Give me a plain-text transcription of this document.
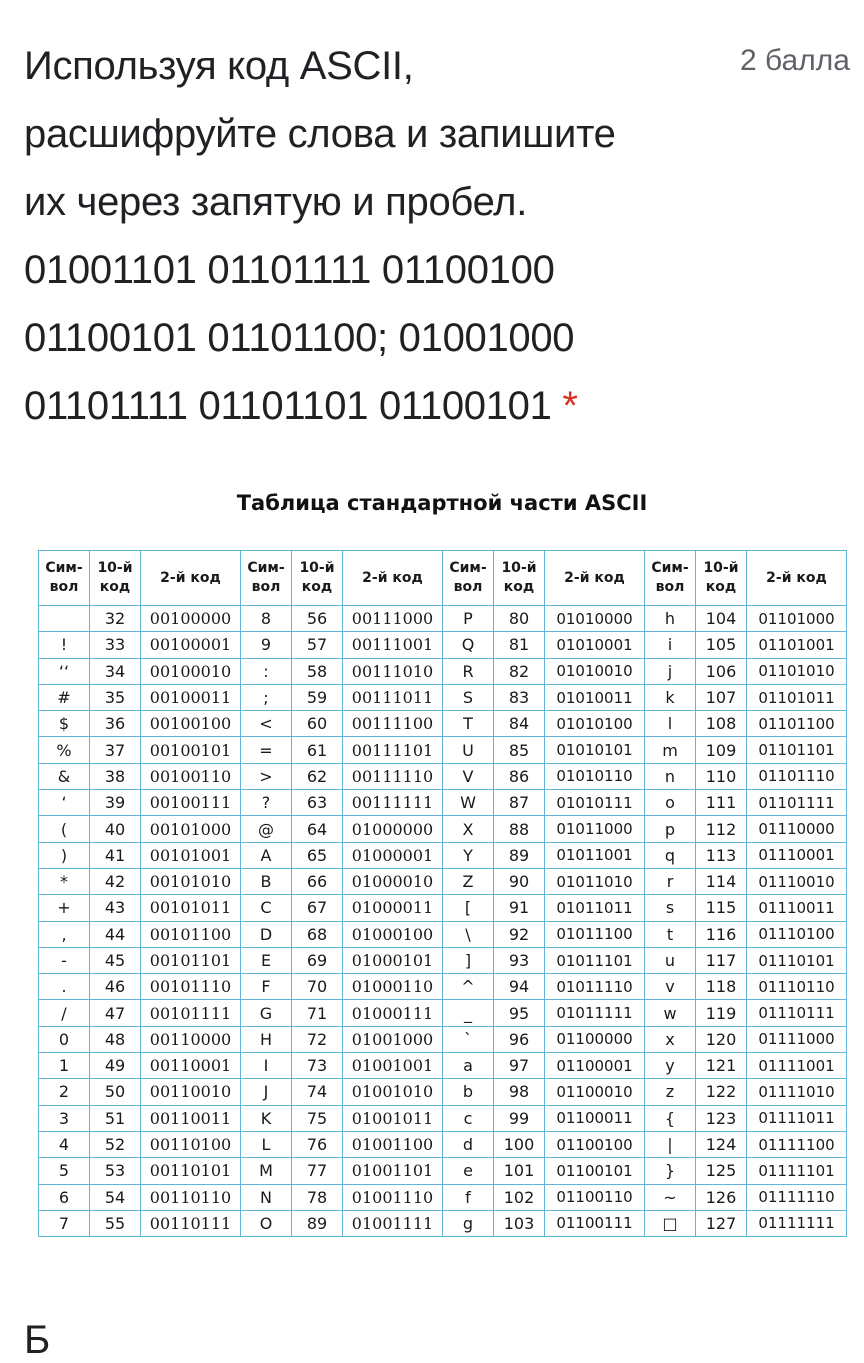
Используя код ASCII,
расшифруйте слова и запишите
их через запятую и пробел.
01001101 01101111 01100100
01100101 01101100; 01001000
01101111 01101101 01100101 *
2 балла
Таблица стандартной части ASCII
Сим-
вол	10-й
код	2-й код	Сим-
вол	10-й
код	2-й код	Сим-
вол	10-й
код	2-й код	Сим-
вол	10-й
код	2-й код
	32	00100000	8	56	00111000	P	80	01010000	h	104	01101000
!	33	00100001	9	57	00111001	Q	81	01010001	i	105	01101001
‘‘	34	00100010	:	58	00111010	R	82	01010010	j	106	01101010
#	35	00100011	;	59	00111011	S	83	01010011	k	107	01101011
$	36	00100100	<	60	00111100	T	84	01010100	l	108	01101100
%	37	00100101	=	61	00111101	U	85	01010101	m	109	01101101
&	38	00100110	>	62	00111110	V	86	01010110	n	110	01101110
‘	39	00100111	?	63	00111111	W	87	01010111	o	111	01101111
(	40	00101000	@	64	01000000	X	88	01011000	p	112	01110000
)	41	00101001	A	65	01000001	Y	89	01011001	q	113	01110001
*	42	00101010	B	66	01000010	Z	90	01011010	r	114	01110010
+	43	00101011	C	67	01000011	[	91	01011011	s	115	01110011
,	44	00101100	D	68	01000100	\	92	01011100	t	116	01110100
-	45	00101101	E	69	01000101	]	93	01011101	u	117	01110101
.	46	00101110	F	70	01000110	^	94	01011110	v	118	01110110
/	47	00101111	G	71	01000111	_	95	01011111	w	119	01110111
0	48	00110000	H	72	01001000	`	96	01100000	x	120	01111000
1	49	00110001	I	73	01001001	a	97	01100001	y	121	01111001
2	50	00110010	J	74	01001010	b	98	01100010	z	122	01111010
3	51	00110011	K	75	01001011	c	99	01100011	{	123	01111011
4	52	00110100	L	76	01001100	d	100	01100100	|	124	01111100
5	53	00110101	M	77	01001101	e	101	01100101	}	125	01111101
6	54	00110110	N	78	01001110	f	102	01100110	~	126	01111110
7	55	00110111	O	89	01001111	g	103	01100111	□	127	01111111
Б
